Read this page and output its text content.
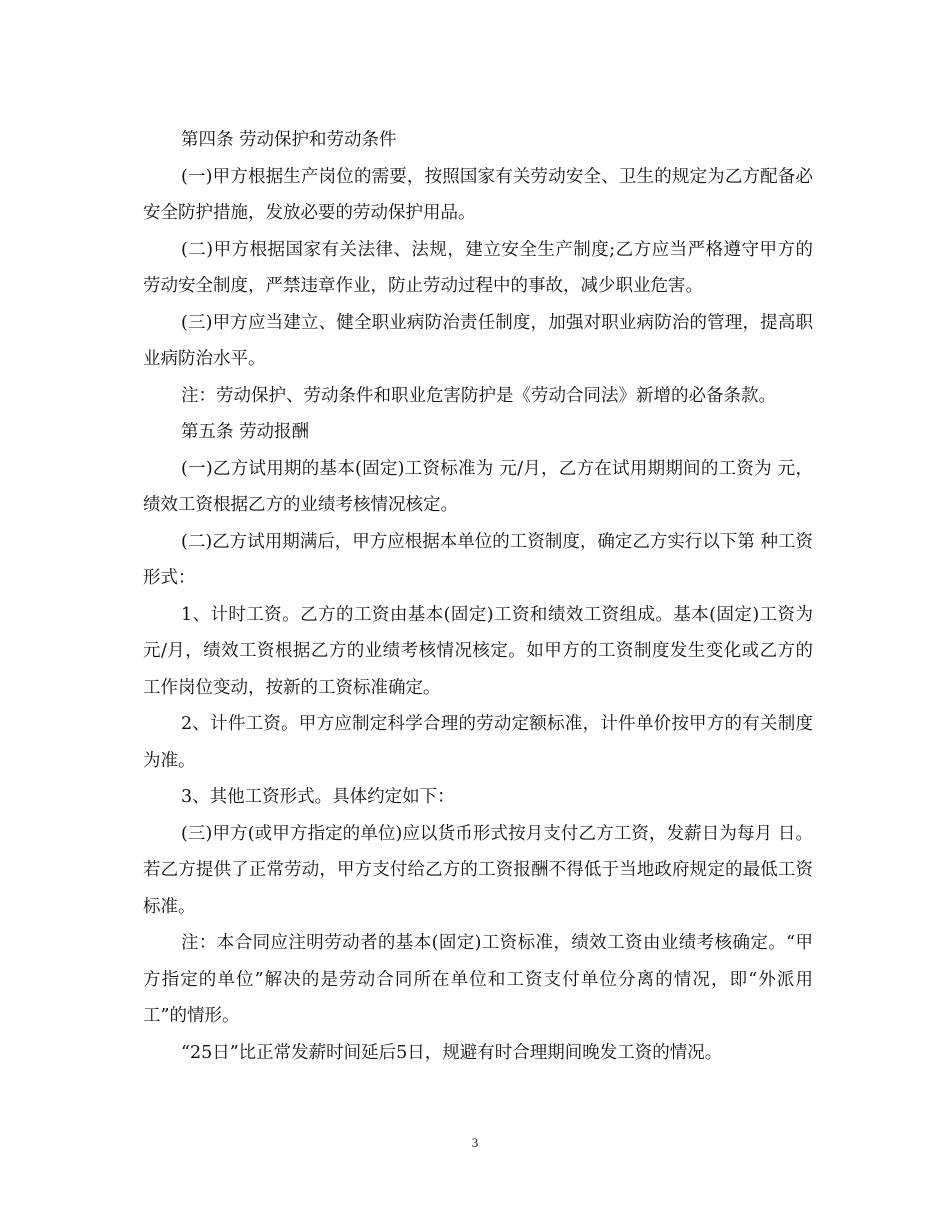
第四条 劳动保护和劳动条件

(一)甲方根据生产岗位的需要，按照国家有关劳动安全、卫生的规定为乙方配备必安全防护措施，发放必要的劳动保护用品。

(二)甲方根据国家有关法律、法规，建立安全生产制度;乙方应当严格遵守甲方的劳动安全制度，严禁违章作业，防止劳动过程中的事故，减少职业危害。

(三)甲方应当建立、健全职业病防治责任制度，加强对职业病防治的管理，提高职业病防治水平。

注：劳动保护、劳动条件和职业危害防护是《劳动合同法》新增的必备条款。

第五条 劳动报酬

(一)乙方试用期的基本(固定)工资标准为 元/月，乙方在试用期期间的工资为 元，绩效工资根据乙方的业绩考核情况核定。

(二)乙方试用期满后，甲方应根据本单位的工资制度，确定乙方实行以下第 种工资形式：

1、计时工资。乙方的工资由基本(固定)工资和绩效工资组成。基本(固定)工资为 元/月，绩效工资根据乙方的业绩考核情况核定。如甲方的工资制度发生变化或乙方的工作岗位变动，按新的工资标准确定。

2、计件工资。甲方应制定科学合理的劳动定额标准，计件单价按甲方的有关制度为准。

3、其他工资形式。具体约定如下：

(三)甲方(或甲方指定的单位)应以货币形式按月支付乙方工资，发薪日为每月 日。若乙方提供了正常劳动，甲方支付给乙方的工资报酬不得低于当地政府规定的最低工资标准。

注：本合同应注明劳动者的基本(固定)工资标准，绩效工资由业绩考核确定。“甲方指定的单位”解决的是劳动合同所在单位和工资支付单位分离的情况，即“外派用工”的情形。

“25日”比正常发薪时间延后5日，规避有时合理期间晚发工资的情况。

3
